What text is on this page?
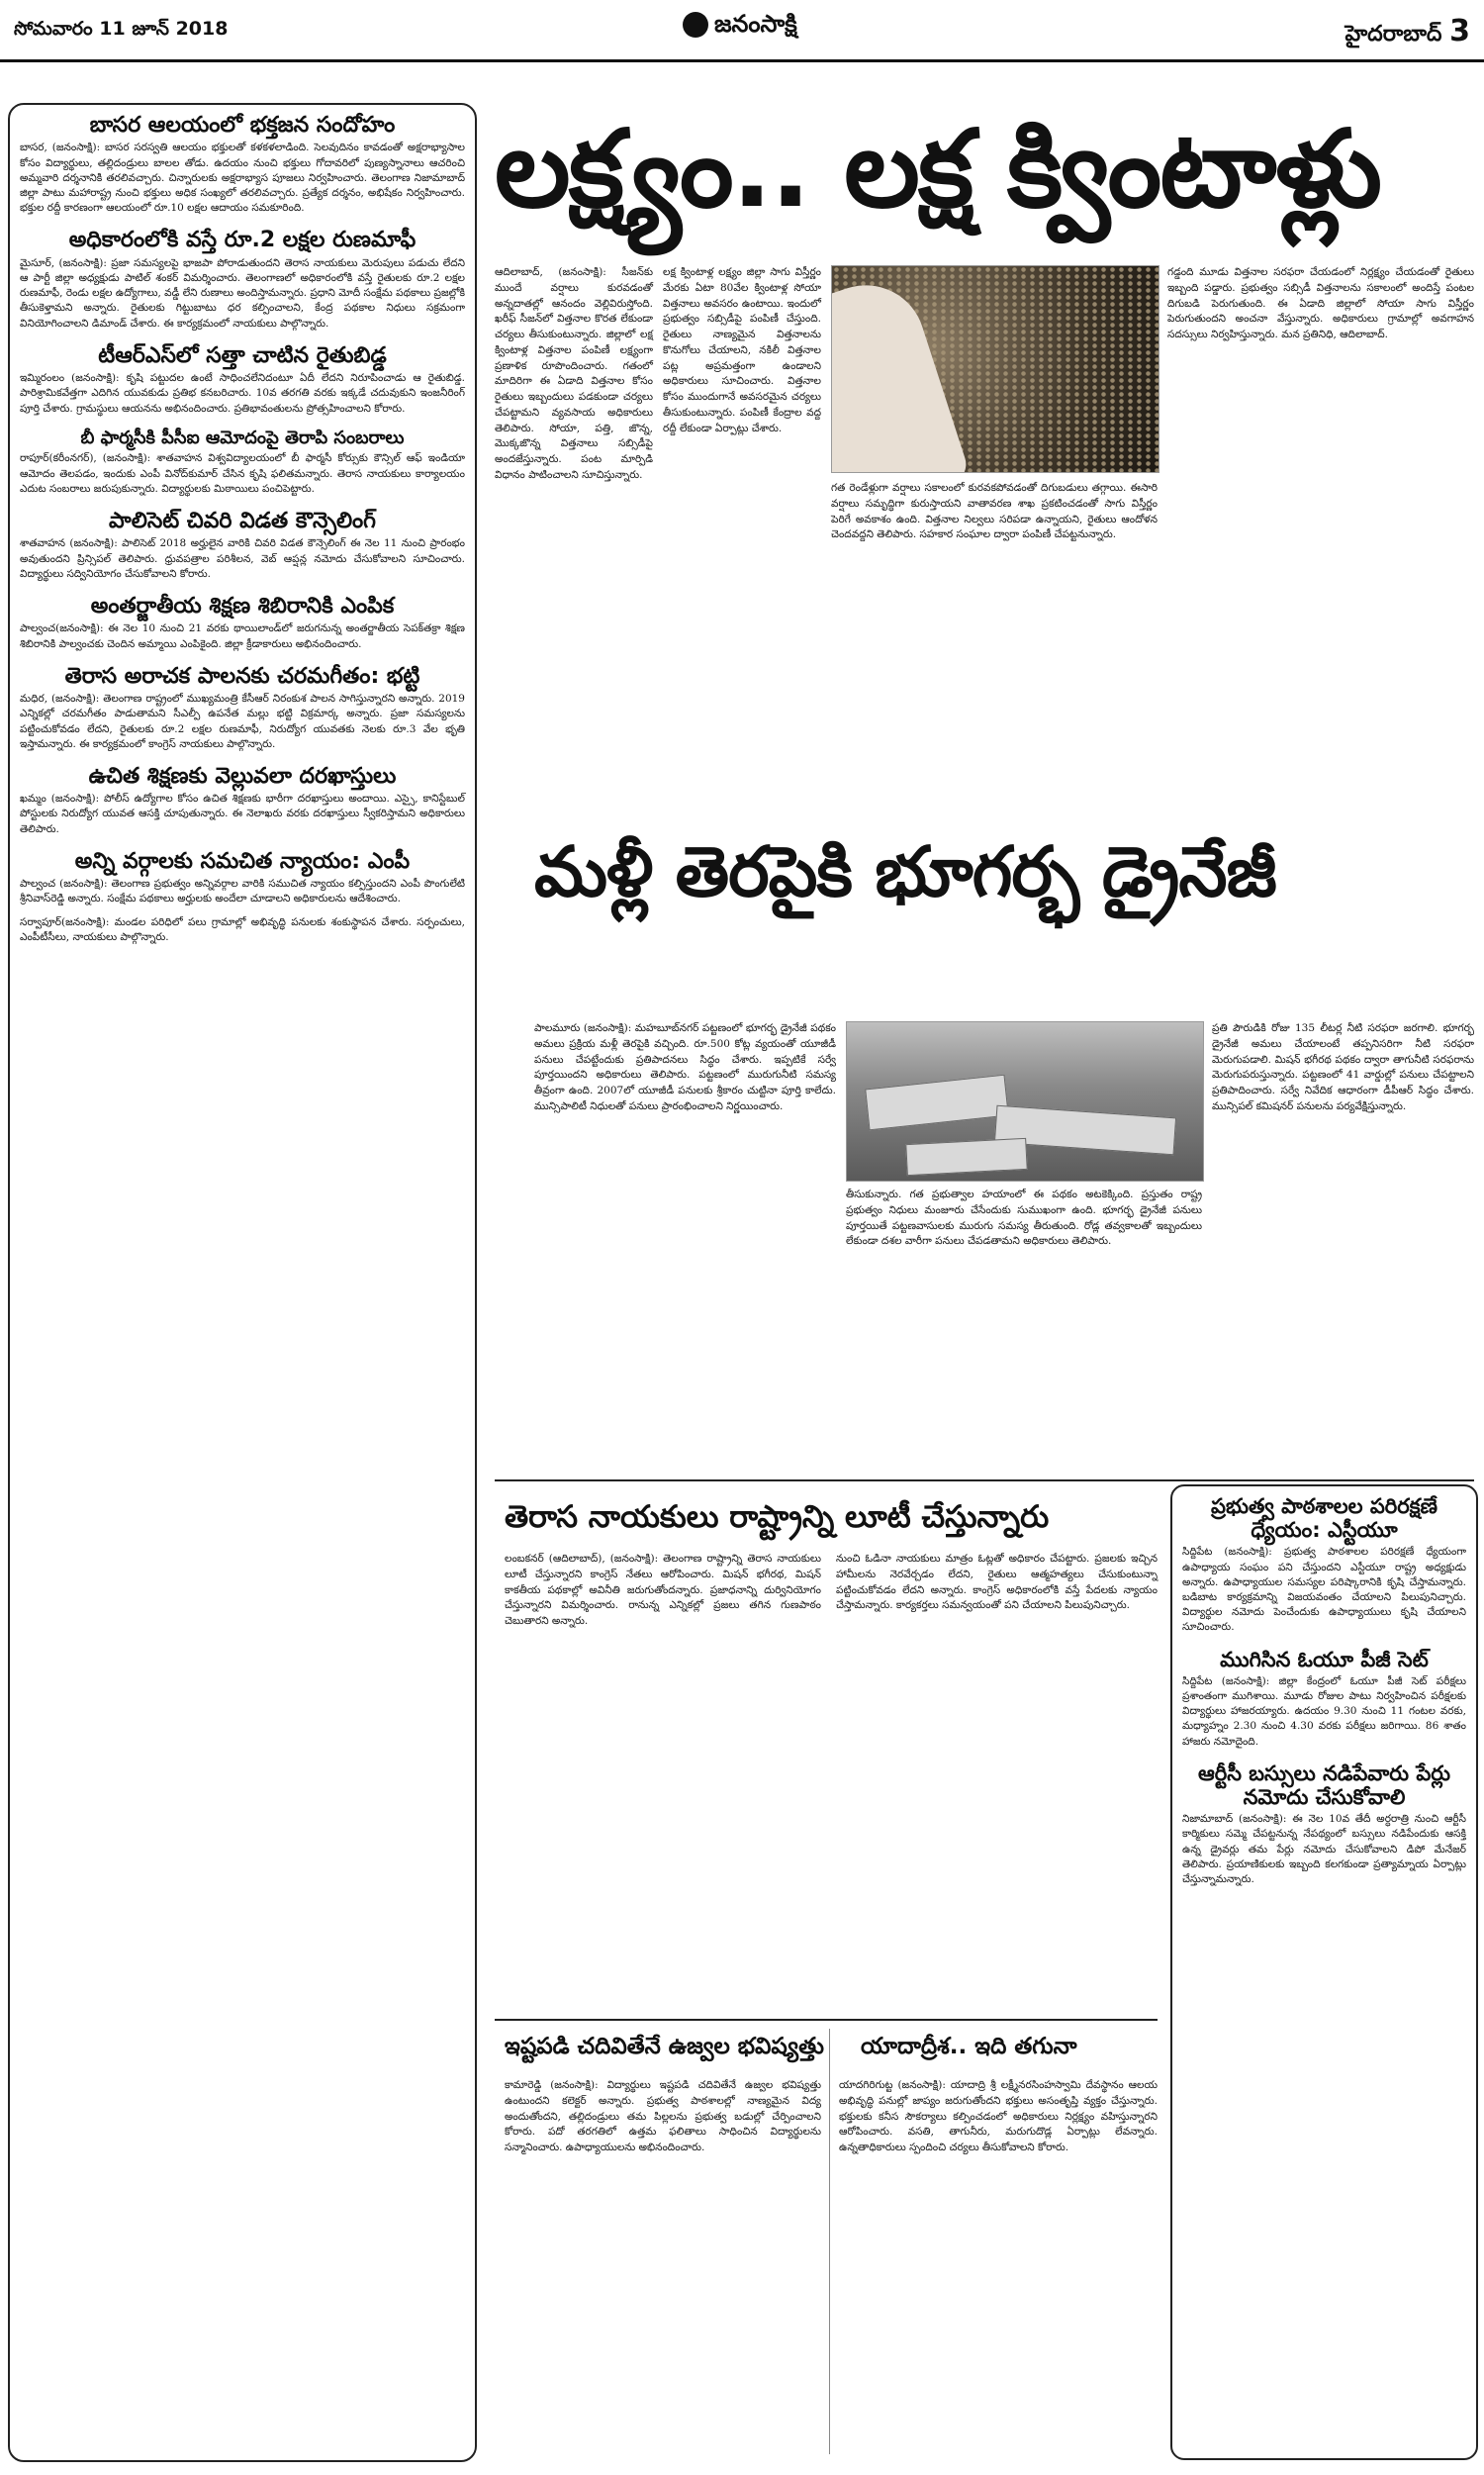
సోమవారం 11 జూన్ 2018	జనంసాక్షి	హైదరాబాద్ 3
బాసర ఆలయంలో భక్తజన సందోహం

బాసర, (జనంసాక్షి): బాసర సరస్వతి ఆలయం భక్తులతో కళకళలాడింది. సెలవుదినం కావడంతో అక్షరాభ్యాసాల కోసం విద్యార్థులు, తల్లిదండ్రులు బాలల తోడు. ఉదయం నుంచి భక్తులు గోదావరిలో పుణ్యస్నానాలు ఆచరించి అమ్మవారి దర్శనానికి తరలివచ్చారు. చిన్నారులకు అక్షరాభ్యాస పూజలు నిర్వహించారు. తెలంగాణ నిజామాబాద్ జిల్లా పాటు మహారాష్ట్ర నుంచి భక్తులు అధిక సంఖ్యలో తరలివచ్చారు. ప్రత్యేక దర్శనం, అభిషేకం నిర్వహించారు. భక్తుల రద్దీ కారణంగా ఆలయంలో రూ.10 లక్షల ఆదాయం సమకూరింది.

అధికారంలోకి వస్తే రూ.2 లక్షల రుణమాఫీ

మైసూర్, (జనంసాక్షి): ప్రజా సమస్యలపై భాజపా పోరాడుతుందని తెరాస నాయకులు మెరుపులు పడుచు లేదని ఆ పార్టీ జిల్లా అధ్యక్షుడు పాటిల్ శంకర్ విమర్శించారు. తెలంగాణలో అధికారంలోకి వస్తే రైతులకు రూ.2 లక్షల రుణమాఫీ, రెండు లక్షల ఉద్యోగాలు, వడ్డీ లేని రుణాలు అందిస్తామన్నారు. ప్రధాని మోదీ సంక్షేమ పథకాలు ప్రజల్లోకి తీసుకెళ్తామని అన్నారు. రైతులకు గిట్టుబాటు ధర కల్పించాలని, కేంద్ర పథకాల నిధులు సక్రమంగా వినియోగించాలని డిమాండ్ చేశారు. ఈ కార్యక్రమంలో నాయకులు పాల్గొన్నారు.

టీఆర్‌ఎస్‌లో సత్తా చాటిన రైతుబిడ్డ

ఇమ్మిరంలం (జనంసాక్షి): కృషి పట్టుదల ఉంటే సాధించలేనిదంటూ ఏదీ లేదని నిరూపించాడు ఆ రైతుబిడ్డ. పారిశ్రామికవేత్తగా ఎదిగిన యువకుడు ప్రతిభ కనబరిచారు. 10వ తరగతి వరకు ఇక్కడే చదువుకుని ఇంజనీరింగ్ పూర్తి చేశారు. గ్రామస్థులు ఆయనను అభినందించారు. ప్రతిభావంతులను ప్రోత్సహించాలని కోరారు.

బీ ఫార్మసీకి పీసీఐ ఆమోదంపై తెరాపి సంబరాలు

రాపూర్(కరీంనగర్), (జనంసాక్షి): శాతవాహన విశ్వవిద్యాలయంలో బీ ఫార్మసీ కోర్సుకు కౌన్సిల్ ఆఫ్ ఇండియా ఆమోదం తెలపడం, ఇందుకు ఎంపీ వినోద్‌కుమార్ చేసిన కృషి ఫలితమన్నారు. తెరాస నాయకులు కార్యాలయం ఎదుట సంబరాలు జరుపుకున్నారు. విద్యార్థులకు మిఠాయిలు పంచిపెట్టారు.

పాలిసెట్ చివరి విడత కౌన్సెలింగ్

శాతవాహన (జనంసాక్షి): పాలిసెట్ 2018 అర్హులైన వారికి చివరి విడత కౌన్సెలింగ్ ఈ నెల 11 నుంచి ప్రారంభం అవుతుందని ప్రిన్సిపల్ తెలిపారు. ధ్రువపత్రాల పరిశీలన, వెబ్ ఆప్షన్ల నమోదు చేసుకోవాలని సూచించారు. విద్యార్థులు సద్వినియోగం చేసుకోవాలని కోరారు.

అంతర్జాతీయ శిక్షణ శిబిరానికి ఎంపిక

పాల్వంచ(జనంసాక్షి): ఈ నెల 10 నుంచి 21 వరకు థాయిలాండ్‌లో జరుగనున్న అంతర్జాతీయ సెపక్‌తక్రా శిక్షణ శిబిరానికి పాల్వంచకు చెందిన అమ్మాయి ఎంపికైంది. జిల్లా క్రీడాకారులు అభినందించారు.

తెరాస అరాచక పాలనకు చరమగీతం: భట్టి

మధిర, (జనంసాక్షి): తెలంగాణ రాష్ట్రంలో ముఖ్యమంత్రి కేసీఆర్ నిరంకుశ పాలన సాగిస్తున్నారని అన్నారు. 2019 ఎన్నికల్లో చరమగీతం పాడుతామని సీఎల్పీ ఉపనేత మల్లు భట్టి విక్రమార్క అన్నారు. ప్రజా సమస్యలను పట్టించుకోవడం లేదని, రైతులకు రూ.2 లక్షల రుణమాఫీ, నిరుద్యోగ యువతకు నెలకు రూ.3 వేల భృతి ఇస్తామన్నారు. ఈ కార్యక్రమంలో కాంగ్రెస్ నాయకులు పాల్గొన్నారు.

ఉచిత శిక్షణకు వెల్లువలా దరఖాస్తులు

ఖమ్మం (జనంసాక్షి): పోలీస్ ఉద్యోగాల కోసం ఉచిత శిక్షణకు భారీగా దరఖాస్తులు అందాయి. ఎస్సై, కానిస్టేబుల్ పోస్టులకు నిరుద్యోగ యువత ఆసక్తి చూపుతున్నారు. ఈ నెలాఖరు వరకు దరఖాస్తులు స్వీకరిస్తామని అధికారులు తెలిపారు.

అన్ని వర్గాలకు సమచిత న్యాయం: ఎంపీ

పాల్వంచ (జనంసాక్షి): తెలంగాణ ప్రభుత్వం అన్నివర్గాల వారికి సముచిత న్యాయం కల్పిస్తుందని ఎంపీ పొంగులేటి శ్రీనివాస్‌రెడ్డి అన్నారు. సంక్షేమ పథకాలు అర్హులకు అందేలా చూడాలని అధికారులను ఆదేశించారు.

సర్వాపూర్(జనంసాక్షి): మండల పరిధిలో పలు గ్రామాల్లో అభివృద్ధి పనులకు శంకుస్థాపన చేశారు. సర్పంచులు, ఎంపీటీసీలు, నాయకులు పాల్గొన్నారు.

లక్ష్యం.. లక్ష క్వింటాళ్లు
ఆదిలాబాద్, (జనంసాక్షి): సీజన్‌కు ముందే వర్షాలు కురవడంతో అన్నదాతల్లో ఆనందం వెల్లివిరుస్తోంది. ఖరీఫ్ సీజన్‌లో విత్తనాల కొరత లేకుండా చర్యలు తీసుకుంటున్నారు. జిల్లాలో లక్ష క్వింటాళ్ల విత్తనాల పంపిణీ లక్ష్యంగా ప్రణాళిక రూపొందించారు. గతంలో మాదిరిగా ఈ ఏడాది విత్తనాల కోసం రైతులు ఇబ్బందులు పడకుండా చర్యలు చేపట్టామని వ్యవసాయ అధికారులు తెలిపారు. సోయా, పత్తి, జొన్న, మొక్కజొన్న విత్తనాలు సబ్సిడీపై అందజేస్తున్నారు. పంట మార్పిడి విధానం పాటించాలని సూచిస్తున్నారు.
లక్ష క్వింటాళ్ల లక్ష్యం జిల్లా సాగు విస్తీర్ణం మేరకు ఏటా 80వేల క్వింటాళ్ల సోయా విత్తనాలు అవసరం ఉంటాయి. ఇందులో ప్రభుత్వం సబ్సిడీపై పంపిణీ చేస్తుంది. రైతులు నాణ్యమైన విత్తనాలను కొనుగోలు చేయాలని, నకిలీ విత్తనాల పట్ల అప్రమత్తంగా ఉండాలని అధికారులు సూచించారు. విత్తనాల కోసం ముందుగానే అవసరమైన చర్యలు తీసుకుంటున్నారు. పంపిణీ కేంద్రాల వద్ద రద్దీ లేకుండా ఏర్పాట్లు చేశారు.
గత రెండేళ్లుగా వర్షాలు సకాలంలో కురవకపోవడంతో దిగుబడులు తగ్గాయి. ఈసారి వర్షాలు సమృద్ధిగా కురుస్తాయని వాతావరణ శాఖ ప్రకటించడంతో సాగు విస్తీర్ణం పెరిగే అవకాశం ఉంది. విత్తనాల నిల్వలు సరిపడా ఉన్నాయని, రైతులు ఆందోళన చెందవద్దని తెలిపారు. సహకార సంఘాల ద్వారా పంపిణీ చేపట్టనున్నారు.
గడ్డంది మూడు విత్తనాల సరఫరా చేయడంలో నిర్లక్ష్యం చేయడంతో రైతులు ఇబ్బంది పడ్డారు. ప్రభుత్వం సబ్సిడీ విత్తనాలను సకాలంలో అందిస్తే పంటల దిగుబడి పెరుగుతుంది. ఈ ఏడాది జిల్లాలో సోయా సాగు విస్తీర్ణం పెరుగుతుందని అంచనా వేస్తున్నారు. అధికారులు గ్రామాల్లో అవగాహన సదస్సులు నిర్వహిస్తున్నారు. మన ప్రతినిధి, ఆదిలాబాద్.
మళ్లీ తెరపైకి భూగర్భ డ్రైనేజీ
పాలమూరు (జనంసాక్షి): మహబూబ్‌నగర్ పట్టణంలో భూగర్భ డ్రైనేజీ పథకం అమలు ప్రక్రియ మళ్లీ తెరపైకి వచ్చింది. రూ.500 కోట్ల వ్యయంతో యూజీడీ పనులు చేపట్టేందుకు ప్రతిపాదనలు సిద్ధం చేశారు. ఇప్పటికే సర్వే పూర్తయిందని అధికారులు తెలిపారు. పట్టణంలో మురుగునీటి సమస్య తీవ్రంగా ఉంది. 2007లో యూజీడీ పనులకు శ్రీకారం చుట్టినా పూర్తి కాలేదు. మున్సిపాలిటీ నిధులతో పనులు ప్రారంభించాలని నిర్ణయించారు.
తీసుకున్నారు. గత ప్రభుత్వాల హయాంలో ఈ పథకం అటకెక్కింది. ప్రస్తుతం రాష్ట్ర ప్రభుత్వం నిధులు మంజూరు చేసేందుకు సుముఖంగా ఉంది. భూగర్భ డ్రైనేజీ పనులు పూర్తయితే పట్టణవాసులకు మురుగు సమస్య తీరుతుంది. రోడ్ల తవ్వకాలతో ఇబ్బందులు లేకుండా దశల వారీగా పనులు చేపడతామని అధికారులు తెలిపారు.
ప్రతి పౌరుడికి రోజు 135 లీటర్ల నీటి సరఫరా జరగాలి. భూగర్భ డ్రైనేజీ అమలు చేయాలంటే తప్పనిసరిగా నీటి సరఫరా మెరుగుపడాలి. మిషన్ భగీరథ పథకం ద్వారా తాగునీటి సరఫరాను మెరుగుపరుస్తున్నారు. పట్టణంలో 41 వార్డుల్లో పనులు చేపట్టాలని ప్రతిపాదించారు. సర్వే నివేదిక ఆధారంగా డీపీఆర్ సిద్ధం చేశారు. మున్సిపల్ కమిషనర్ పనులను పర్యవేక్షిస్తున్నారు.
తెరాస నాయకులు రాష్ట్రాన్ని లూటీ చేస్తున్నారు
లంబకనర్ (ఆదిలాబాద్), (జనంసాక్షి): తెలంగాణ రాష్ట్రాన్ని తెరాస నాయకులు లూటీ చేస్తున్నారని కాంగ్రెస్ నేతలు ఆరోపించారు. మిషన్ భగీరథ, మిషన్ కాకతీయ పథకాల్లో అవినీతి జరుగుతోందన్నారు. ప్రజాధనాన్ని దుర్వినియోగం చేస్తున్నారని విమర్శించారు. రానున్న ఎన్నికల్లో ప్రజలు తగిన గుణపాఠం చెబుతారని అన్నారు.
నుంచి ఓడినా నాయకులు మాత్రం ఓట్లతో అధికారం చేపట్టారు. ప్రజలకు ఇచ్చిన హామీలను నెరవేర్చడం లేదని, రైతులు ఆత్మహత్యలు చేసుకుంటున్నా పట్టించుకోవడం లేదని అన్నారు. కాంగ్రెస్ అధికారంలోకి వస్తే పేదలకు న్యాయం చేస్తామన్నారు. కార్యకర్తలు సమన్వయంతో పని చేయాలని పిలుపునిచ్చారు.
ఇష్టపడి చదివితేనే ఉజ్వల భవిష్యత్తు
కామారెడ్డి (జనంసాక్షి): విద్యార్థులు ఇష్టపడి చదివితేనే ఉజ్వల భవిష్యత్తు ఉంటుందని కలెక్టర్ అన్నారు. ప్రభుత్వ పాఠశాలల్లో నాణ్యమైన విద్య అందుతోందని, తల్లిదండ్రులు తమ పిల్లలను ప్రభుత్వ బడుల్లో చేర్పించాలని కోరారు. పదో తరగతిలో ఉత్తమ ఫలితాలు సాధించిన విద్యార్థులను సన్మానించారు. ఉపాధ్యాయులను అభినందించారు.
యాదాద్రీశ.. ఇది తగునా
యాదగిరిగుట్ట (జనంసాక్షి): యాదాద్రి శ్రీ లక్ష్మీనరసింహస్వామి దేవస్థానం ఆలయ అభివృద్ధి పనుల్లో జాప్యం జరుగుతోందని భక్తులు అసంతృప్తి వ్యక్తం చేస్తున్నారు. భక్తులకు కనీస సౌకర్యాలు కల్పించడంలో అధికారులు నిర్లక్ష్యం వహిస్తున్నారని ఆరోపించారు. వసతి, తాగునీరు, మరుగుదొడ్ల ఏర్పాట్లు లేవన్నారు. ఉన్నతాధికారులు స్పందించి చర్యలు తీసుకోవాలని కోరారు.
ప్రభుత్వ పాఠశాలల పరిరక్షణే ధ్యేయం: ఎస్టీయూ

సిద్దిపేట (జనంసాక్షి): ప్రభుత్వ పాఠశాలల పరిరక్షణే ధ్యేయంగా ఉపాధ్యాయ సంఘం పని చేస్తుందని ఎస్టీయూ రాష్ట్ర అధ్యక్షుడు అన్నారు. ఉపాధ్యాయుల సమస్యల పరిష్కారానికి కృషి చేస్తామన్నారు. బడిబాట కార్యక్రమాన్ని విజయవంతం చేయాలని పిలుపునిచ్చారు. విద్యార్థుల నమోదు పెంచేందుకు ఉపాధ్యాయులు కృషి చేయాలని సూచించారు.

ముగిసిన ఓయూ పీజీ సెట్

సిద్దిపేట (జనంసాక్షి): జిల్లా కేంద్రంలో ఓయూ పీజీ సెట్ పరీక్షలు ప్రశాంతంగా ముగిశాయి. మూడు రోజుల పాటు నిర్వహించిన పరీక్షలకు విద్యార్థులు హాజరయ్యారు. ఉదయం 9.30 నుంచి 11 గంటల వరకు, మధ్యాహ్నం 2.30 నుంచి 4.30 వరకు పరీక్షలు జరిగాయి. 86 శాతం హాజరు నమోదైంది.

ఆర్టీసీ బస్సులు నడిపేవారు పేర్లు నమోదు చేసుకోవాలి

నిజామాబాద్ (జనంసాక్షి): ఈ నెల 10వ తేదీ అర్ధరాత్రి నుంచి ఆర్టీసీ కార్మికులు సమ్మె చేపట్టనున్న నేపథ్యంలో బస్సులు నడిపేందుకు ఆసక్తి ఉన్న డ్రైవర్లు తమ పేర్లు నమోదు చేసుకోవాలని డిపో మేనేజర్ తెలిపారు. ప్రయాణికులకు ఇబ్బంది కలగకుండా ప్రత్యామ్నాయ ఏర్పాట్లు చేస్తున్నామన్నారు.
